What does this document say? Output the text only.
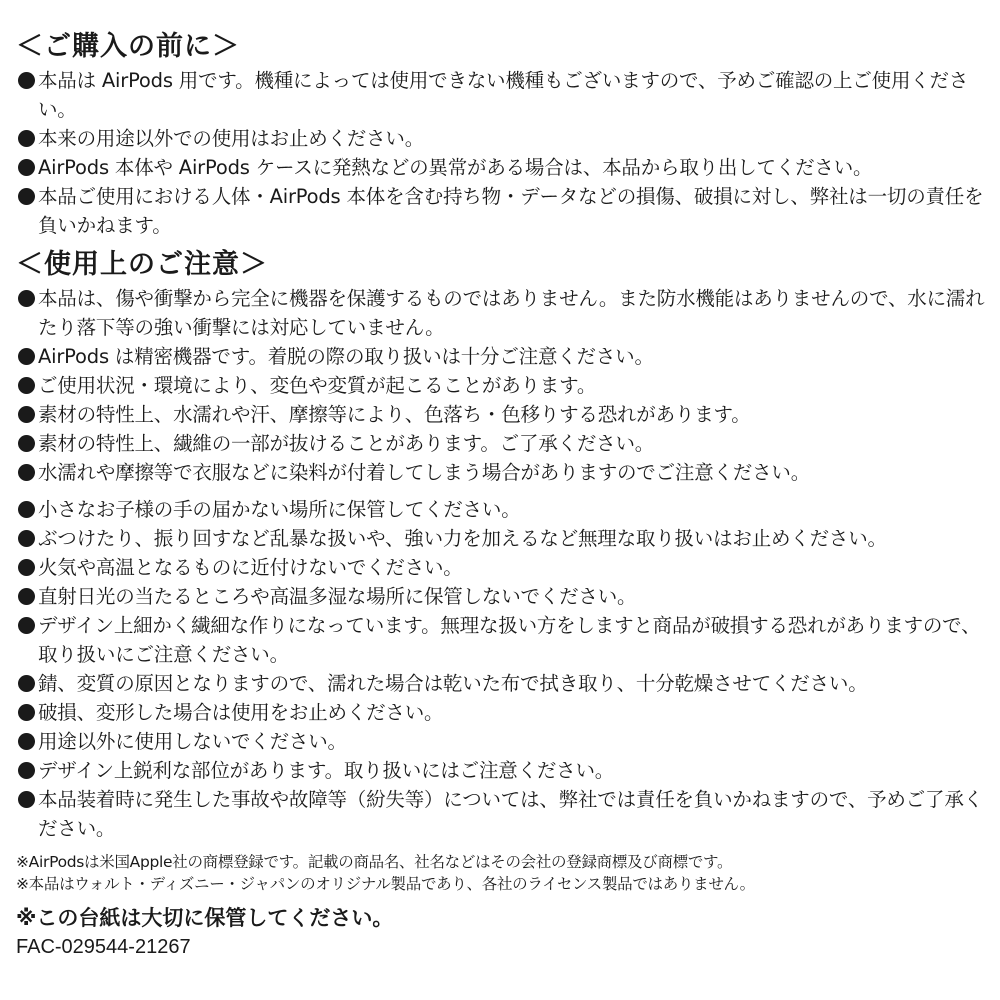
＜ご購入の前に＞
本品は AirPods 用です。機種によっては使用できない機種もございますので、予めご確認の上ご使用ください。
本来の用途以外での使用はお止めください。
AirPods 本体や AirPods ケースに発熱などの異常がある場合は、本品から取り出してください。
本品ご使用における人体・AirPods 本体を含む持ち物・データなどの損傷、破損に対し、弊社は一切の責任を負いかねます。
＜使用上のご注意＞
本品は、傷や衝撃から完全に機器を保護するものではありません。また防水機能はありませんので、水に濡れたり落下等の強い衝撃には対応していません。
AirPods は精密機器です。着脱の際の取り扱いは十分ご注意ください。
ご使用状況・環境により、変色や変質が起こることがあります。
素材の特性上、水濡れや汗、摩擦等により、色落ち・色移りする恐れがあります。
素材の特性上、繊維の一部が抜けることがあります。ご了承ください。
水濡れや摩擦等で衣服などに染料が付着してしまう場合がありますのでご注意ください。
小さなお子様の手の届かない場所に保管してください。
ぶつけたり、振り回すなど乱暴な扱いや、強い力を加えるなど無理な取り扱いはお止めください。
火気や高温となるものに近付けないでください。
直射日光の当たるところや高温多湿な場所に保管しないでください。
デザイン上細かく繊細な作りになっています。無理な扱い方をしますと商品が破損する恐れがありますので、取り扱いにご注意ください。
錆、変質の原因となりますので、濡れた場合は乾いた布で拭き取り、十分乾燥させてください。
破損、変形した場合は使用をお止めください。
用途以外に使用しないでください。
デザイン上鋭利な部位があります。取り扱いにはご注意ください。
本品装着時に発生した事故や故障等（紛失等）については、弊社では責任を負いかねますので、予めご了承ください。
※AirPodsは米国Apple社の商標登録です。記載の商品名、社名などはその会社の登録商標及び商標です。
※本品はウォルト・ディズニー・ジャパンのオリジナル製品であり、各社のライセンス製品ではありません。
※この台紙は大切に保管してください。
FAC-029544-21267
